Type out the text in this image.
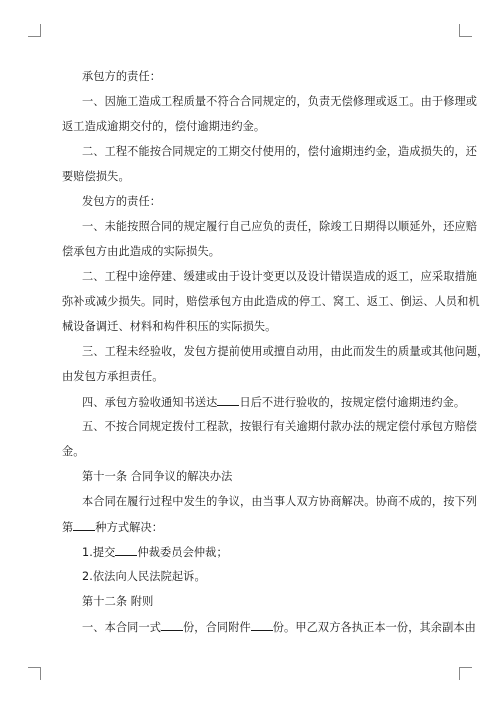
承包方的责任：
一、因施工造成工程质量不符合合同规定的，负责无偿修理或返工。由于修理或
返工造成逾期交付的，偿付逾期违约金。
二、工程不能按合同规定的工期交付使用的，偿付逾期违约金，造成损失的，还
要赔偿损失。
发包方的责任：
一、未能按照合同的规定履行自己应负的责任，除竣工日期得以顺延外，还应赔
偿承包方由此造成的实际损失。
二、工程中途停建、缓建或由于设计变更以及设计错误造成的返工，应采取措施
弥补或减少损失。同时，赔偿承包方由此造成的停工、窝工、返工、倒运、人员和机
械设备调迁、材料和构件积压的实际损失。
三、工程未经验收，发包方提前使用或擅自动用，由此而发生的质量或其他问题，
由发包方承担责任。
四、承包方验收通知书送达 日后不进行验收的，按规定偿付逾期违约金。
五、不按合同规定拨付工程款，按银行有关逾期付款办法的规定偿付承包方赔偿
金。
第十一条 合同争议的解决办法
本合同在履行过程中发生的争议，由当事人双方协商解决。协商不成的，按下列
第 种方式解决：
1.提交 仲裁委员会仲裁；
2.依法向人民法院起诉。
第十二条 附则
一、本合同一式 份，合同附件 份。甲乙双方各执正本一份，其余副本由
